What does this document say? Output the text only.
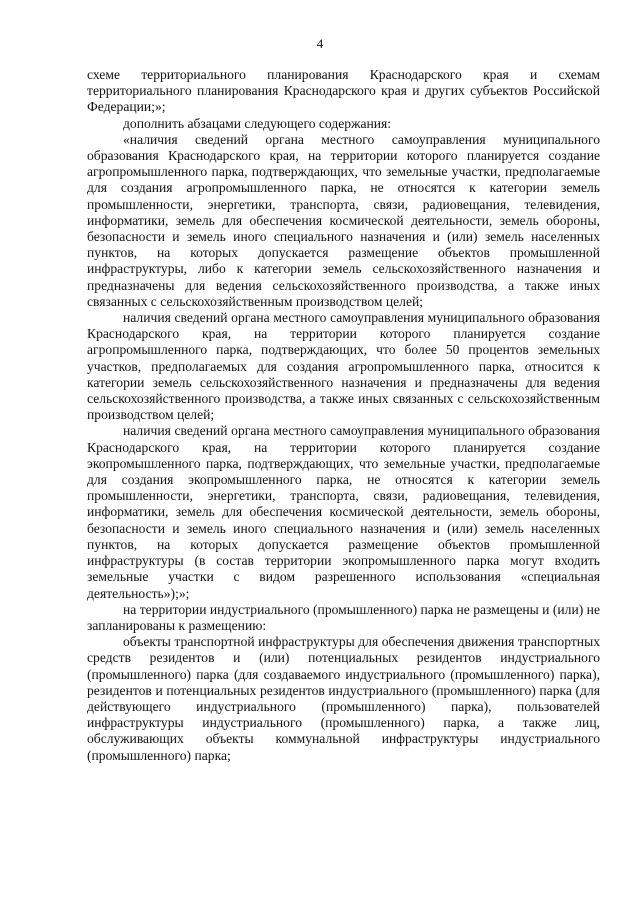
4

схеме территориального планирования Краснодарского края и схемам территориального планирования Краснодарского края и других субъектов Российской Федерации;»;

дополнить абзацами следующего содержания:

«наличия сведений органа местного самоуправления муниципального образования Краснодарского края, на территории которого планируется создание агропромышленного парка, подтверждающих, что земельные участки, предполагаемые для создания агропромышленного парка, не относятся к категории земель промышленности, энергетики, транспорта, связи, радиовещания, телевидения, информатики, земель для обеспечения космической деятельности, земель обороны, безопасности и земель иного специального назначения и (или) земель населенных пунктов, на которых допускается размещение объектов промышленной инфраструктуры, либо к категории земель сельскохозяйственного назначения и предназначены для ведения сельскохозяйственного производства, а также иных связанных с сельскохозяйственным производством целей;

наличия сведений органа местного самоуправления муниципального образования Краснодарского края, на территории которого планируется создание агропромышленного парка, подтверждающих, что более 50 процентов земельных участков, предполагаемых для создания агропромышленного парка, относится к категории земель сельскохозяйственного назначения и предназначены для ведения сельскохозяйственного производства, а также иных связанных с сельскохозяйственным производством целей;

наличия сведений органа местного самоуправления муниципального образования Краснодарского края, на территории которого планируется создание экопромышленного парка, подтверждающих, что земельные участки, предполагаемые для создания экопромышленного парка, не относятся к категории земель промышленности, энергетики, транспорта, связи, радиовещания, телевидения, информатики, земель для обеспечения космической деятельности, земель обороны, безопасности и земель иного специального назначения и (или) земель населенных пунктов, на которых допускается размещение объектов промышленной инфраструктуры (в состав территории экопромышленного парка могут входить земельные участки с видом разрешенного использования «специальная деятельность»);»;

на территории индустриального (промышленного) парка не размещены и (или) не запланированы к размещению:

объекты транспортной инфраструктуры для обеспечения движения транспортных средств резидентов и (или) потенциальных резидентов индустриального (промышленного) парка (для создаваемого индустриального (промышленного) парка), резидентов и потенциальных резидентов индустриального (промышленного) парка (для действующего индустриального (промышленного) парка), пользователей инфраструктуры индустриального (промышленного) парка, а также лиц, обслуживающих объекты коммунальной инфраструктуры индустриального (промышленного) парка;
